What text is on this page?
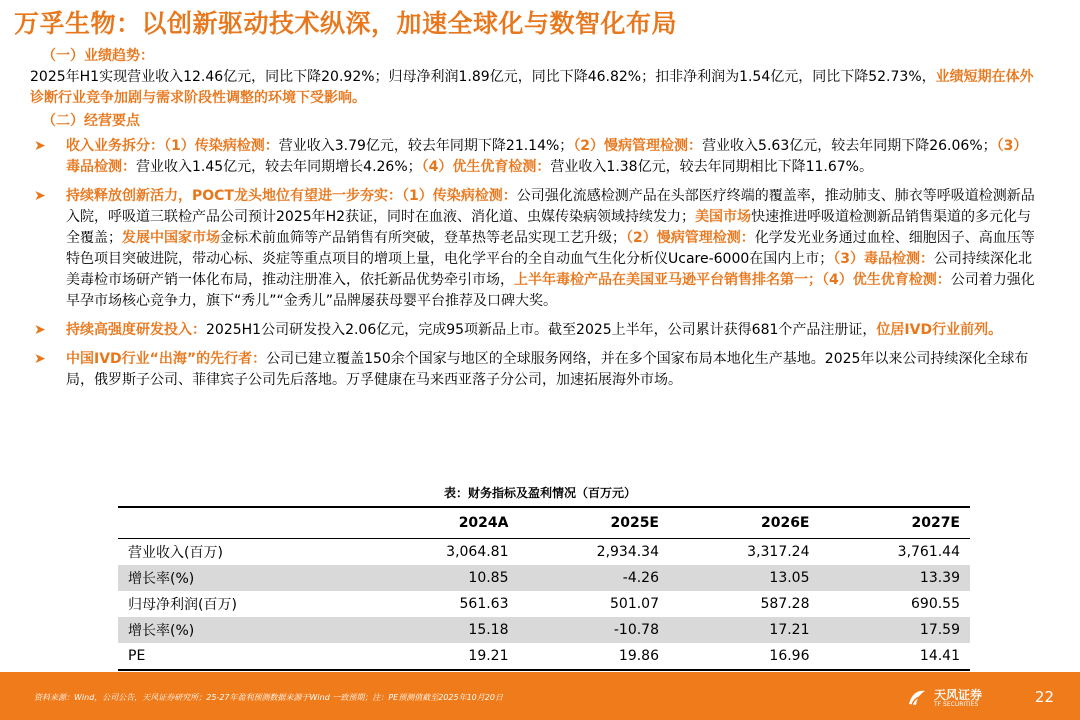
万孚生物：以创新驱动技术纵深，加速全球化与数智化布局
（一）业绩趋势：

2025年H1实现营业收入12.46亿元，同比下降20.92%；归母净利润1.89亿元，同比下降46.82%；扣非净利润为1.54亿元，同比下降52.73%，业绩短期在体外诊断行业竞争加剧与需求阶段性调整的环境下受影响。

（二）经营要点
➤ 收入业务拆分：（1）传染病检测：营业收入3.79亿元，较去年同期下降21.14%；（2）慢病管理检测：营业收入5.63亿元，较去年同期下降26.06%；（3）毒品检测：营业收入1.45亿元，较去年同期增长4.26%；（4）优生优育检测：营业收入1.38亿元，较去年同期相比下降11.67%。
➤ 持续释放创新活力，POCT龙头地位有望进一步夯实：（1）传染病检测：公司强化流感检测产品在头部医疗终端的覆盖率，推动肺支、肺衣等呼吸道检测新品入院，呼吸道三联检产品公司预计2025年H2获证，同时在血液、消化道、虫媒传染病领域持续发力；美国市场快速推进呼吸道检测新品销售渠道的多元化与全覆盖；发展中国家市场金标术前血筛等产品销售有所突破，登革热等老品实现工艺升级；（2）慢病管理检测：化学发光业务通过血栓、细胞因子、高血压等特色项目突破进院，带动心标、炎症等重点项目的增项上量，电化学平台的全自动血气生化分析仪Ucare-6000在国内上市；（3）毒品检测：公司持续深化北美毒检市场研产销一体化布局，推动注册准入，依托新品优势牵引市场，上半年毒检产品在美国亚马逊平台销售排名第一；（4）优生优育检测：公司着力强化早孕市场核心竞争力，旗下“秀儿”“金秀儿”品牌屡获母婴平台推荐及口碑大奖。
➤ 持续高强度研发投入：2025H1公司研发投入2.06亿元，完成95项新品上市。截至2025上半年，公司累计获得681个产品注册证，位居IVD行业前列。
➤ 中国IVD行业“出海”的先行者：公司已建立覆盖150余个国家与地区的全球服务网络，并在多个国家布局本地化生产基地。2025年以来公司持续深化全球布局，俄罗斯子公司、菲律宾子公司先后落地。万孚健康在马来西亚落子分公司，加速拓展海外市场。
表：财务指标及盈利情况（百万元）
	2024A	2025E	2026E	2027E
营业收入(百万)	3,064.81	2,934.34	3,317.24	3,761.44
增长率(%)	10.85	-4.26	13.05	13.39
归母净利润(百万)	561.63	501.07	587.28	690.55
增长率(%)	15.18	-10.78	17.21	17.59
PE	19.21	19.86	16.96	14.41
资料来源：Wind，公司公告，天风证券研究所；25-27年盈利预测数据来源于Wind 一致预期；注：PE预测值截至2025年10月20日	天风证券
TF SECURITIES	22
